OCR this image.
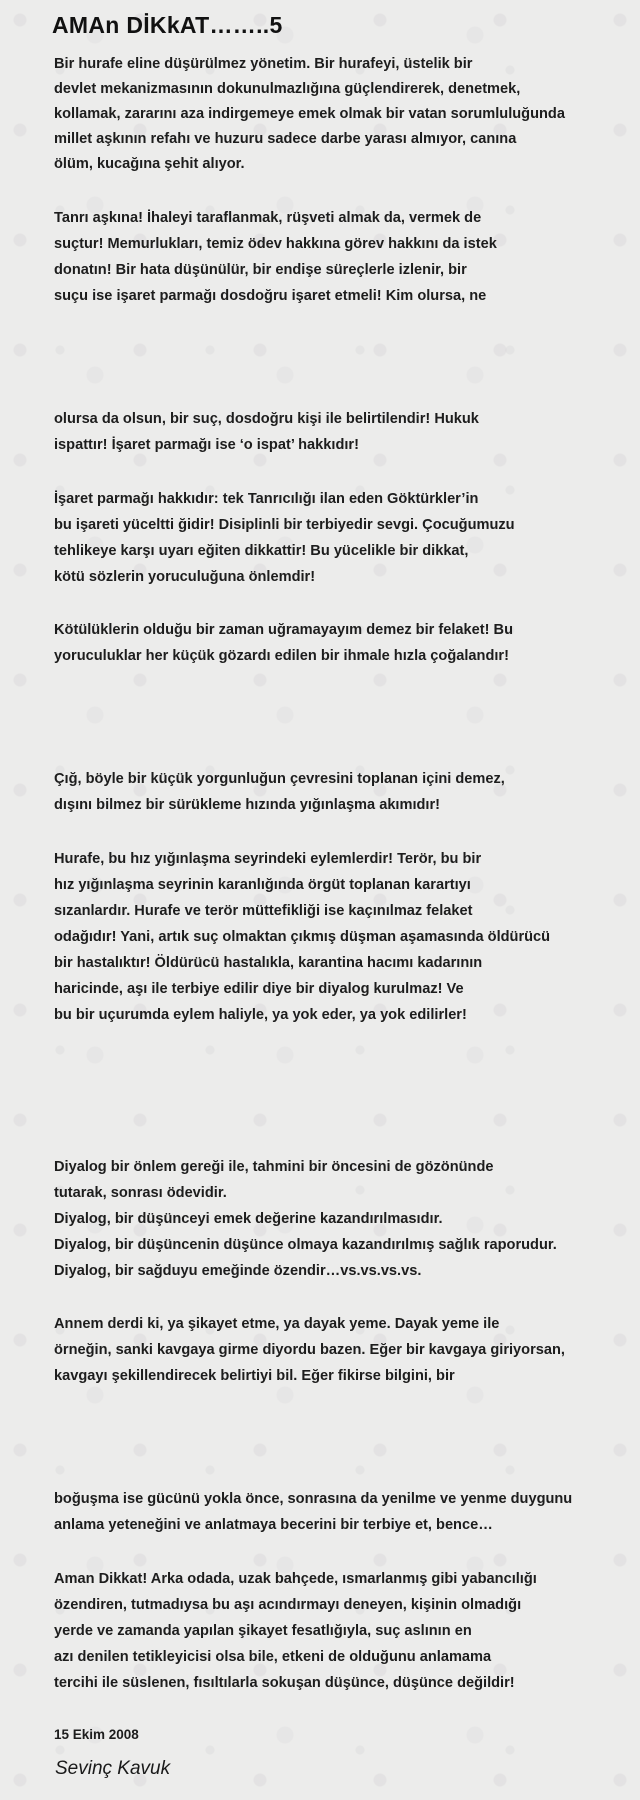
AMAn DİKkAT……..5
Bir hurafe eline düşürülmez yönetim. Bir hurafeyi, üstelik bir
devlet mekanizmasının dokunulmazlığına güçlendirerek, denetmek,
kollamak, zararını aza indirgemeye emek olmak bir vatan sorumluluğunda
millet aşkının refahı ve huzuru sadece darbe yarası almıyor, canına
ölüm, kucağına şehit alıyor.
Tanrı aşkına! İhaleyi taraflanmak, rüşveti almak da, vermek de
suçtur! Memurlukları, temiz ödev hakkına görev hakkını da istek
donatın! Bir hata düşünülür, bir endişe süreçlerle izlenir, bir
suçu ise işaret parmağı dosdoğru işaret etmeli! Kim olursa, ne
olursa da olsun, bir suç, dosdoğru kişi ile belirtilendir! Hukuk
ispattır! İşaret parmağı ise ‘o ispat’ hakkıdır!
İşaret parmağı hakkıdır: tek Tanrıcılığı ilan eden Göktürkler’in
bu işareti yüceltti ğidir! Disiplinli bir terbiyedir sevgi. Çocuğumuzu
tehlikeye karşı uyarı eğiten dikkattir! Bu yücelikle bir dikkat,
kötü sözlerin yoruculuğuna önlemdir!
Kötülüklerin olduğu bir zaman uğramayayım demez bir felaket! Bu
yoruculuklar her küçük gözardı edilen bir ihmale hızla çoğalandır!
Çığ, böyle bir küçük yorgunluğun çevresini toplanan içini demez,
dışını bilmez bir sürükleme hızında yığınlaşma akımıdır!
Hurafe, bu hız yığınlaşma seyrindeki eylemlerdir! Terör, bu bir
hız yığınlaşma seyrinin karanlığında örgüt toplanan karartıyı
sızanlardır. Hurafe ve terör müttefikliği ise kaçınılmaz felaket
odağıdır! Yani, artık suç olmaktan çıkmış düşman aşamasında öldürücü
bir hastalıktır! Öldürücü hastalıkla, karantina hacımı kadarının
haricinde, aşı ile terbiye edilir diye bir diyalog kurulmaz! Ve
bu bir uçurumda eylem haliyle, ya yok eder, ya yok edilirler!
Diyalog bir önlem gereği ile, tahmini bir öncesini de gözönünde
tutarak, sonrası ödevidir.
Diyalog, bir düşünceyi emek değerine kazandırılmasıdır.
Diyalog, bir düşüncenin düşünce olmaya kazandırılmış sağlık raporudur.
Diyalog, bir sağduyu emeğinde özendir…vs.vs.vs.vs.
Annem derdi ki, ya şikayet etme, ya dayak yeme. Dayak yeme ile
örneğin, sanki kavgaya girme diyordu bazen. Eğer bir kavgaya giriyorsan,
kavgayı şekillendirecek belirtiyi bil. Eğer fikirse bilgini, bir
boğuşma ise gücünü yokla önce, sonrasına da yenilme ve yenme duygunu
anlama yeteneğini ve anlatmaya becerini bir terbiye et, bence…
Aman Dikkat! Arka odada, uzak bahçede, ısmarlanmış gibi yabancılığı
özendiren, tutmadıysa bu aşı acındırmayı deneyen, kişinin olmadığı
yerde ve zamanda yapılan şikayet fesatlığıyla, suç aslının en
azı denilen tetikleyicisi olsa bile, etkeni de olduğunu anlamama
tercihi ile süslenen, fısıltılarla sokuşan düşünce, düşünce değildir!
15 Ekim 2008
Sevinç Kavuk
